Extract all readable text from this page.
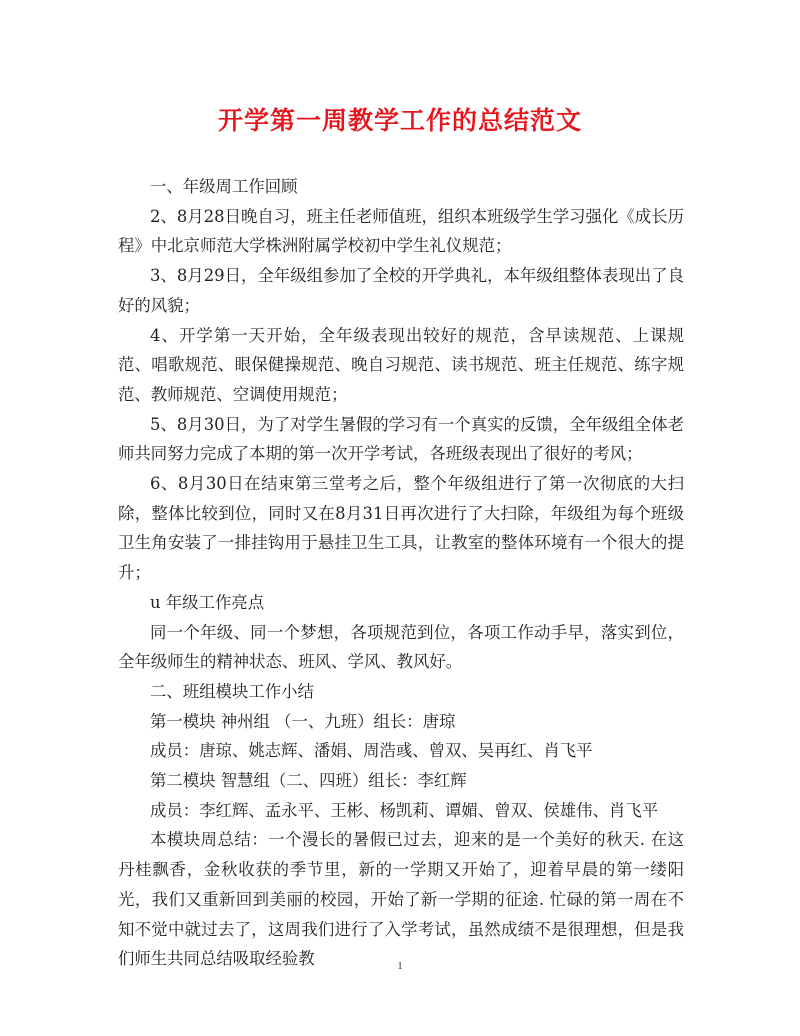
开学第一周教学工作的总结范文

一、年级周工作回顾

2、8月28日晚自习，班主任老师值班，组织本班级学生学习强化《成长历程》中北京师范大学株洲附属学校初中学生礼仪规范；

3、8月29日，全年级组参加了全校的开学典礼，本年级组整体表现出了良好的风貌；

4、开学第一天开始，全年级表现出较好的规范，含早读规范、上课规范、唱歌规范、眼保健操规范、晚自习规范、读书规范、班主任规范、练字规范、教师规范、空调使用规范；

5、8月30日，为了对学生暑假的学习有一个真实的反馈，全年级组全体老师共同努力完成了本期的第一次开学考试，各班级表现出了很好的考风；

6、8月30日在结束第三堂考之后，整个年级组进行了第一次彻底的大扫除，整体比较到位，同时又在8月31日再次进行了大扫除，年级组为每个班级卫生角安装了一排挂钩用于悬挂卫生工具，让教室的整体环境有一个很大的提升；

u 年级工作亮点

同一个年级、同一个梦想，各项规范到位，各项工作动手早，落实到位，全年级师生的精神状态、班风、学风、教风好。

二、班组模块工作小结

第一模块 神州组 （一、九班）组长：唐琼

成员：唐琼、姚志辉、潘娟、周浩彧、曾双、吴再红、肖飞平

第二模块 智慧组（二、四班）组长：李红辉

成员：李红辉、孟永平、王彬、杨凯莉、谭媚、曾双、侯雄伟、肖飞平

本模块周总结：一个漫长的暑假已过去，迎来的是一个美好的秋天. 在这丹桂飘香，金秋收获的季节里，新的一学期又开始了，迎着早晨的第一缕阳光，我们又重新回到美丽的校园，开始了新一学期的征途. 忙碌的第一周在不知不觉中就过去了，这周我们进行了入学考试，虽然成绩不是很理想，但是我们师生共同总结吸取经验教	1
